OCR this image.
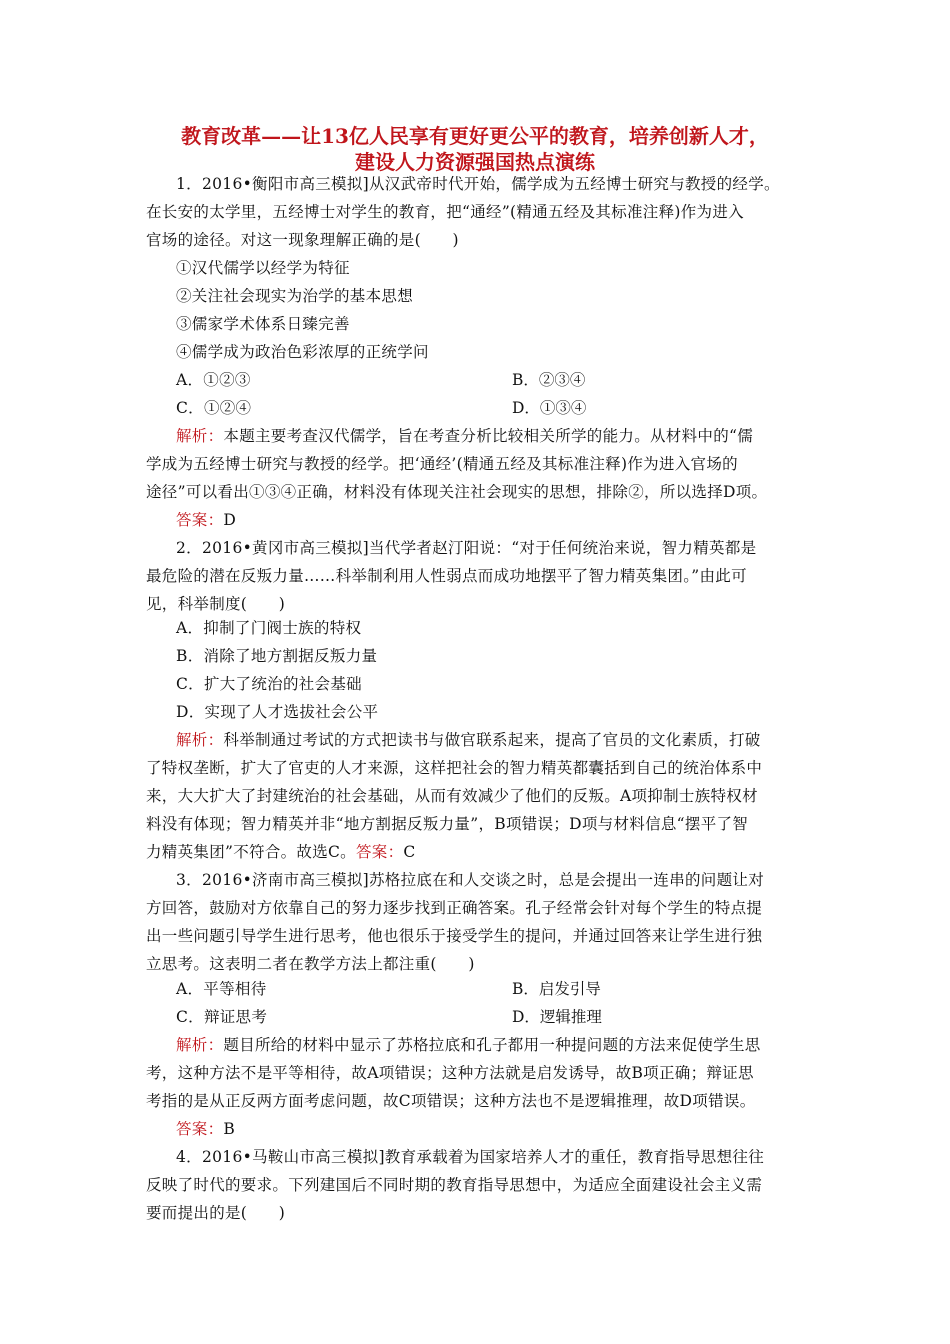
教育改革——让13亿人民享有更好更公平的教育，培养创新人才，
建设人力资源强国热点演练
1．2016•衡阳市高三模拟]从汉武帝时代开始，儒学成为五经博士研究与教授的经学。
在长安的太学里，五经博士对学生的教育，把“通经”(精通五经及其标准注释)作为进入
官场的途径。对这一现象理解正确的是(　　)
①汉代儒学以经学为特征
②关注社会现实为治学的基本思想
③儒家学术体系日臻完善
④儒学成为政治色彩浓厚的正统学问
A．①②③	B．②③④
C．①②④	D．①③④
解析：本题主要考查汉代儒学，旨在考查分析比较相关所学的能力。从材料中的“儒
学成为五经博士研究与教授的经学。把‘通经’(精通五经及其标准注释)作为进入官场的
途径”可以看出①③④正确，材料没有体现关注社会现实的思想，排除②，所以选择D项。
答案：D
2．2016•黄冈市高三模拟]当代学者赵汀阳说：“对于任何统治来说，智力精英都是
最危险的潜在反叛力量……科举制利用人性弱点而成功地摆平了智力精英集团。”由此可
见，科举制度(　　)
A．抑制了门阀士族的特权
B．消除了地方割据反叛力量
C．扩大了统治的社会基础
D．实现了人才选拔社会公平
解析：科举制通过考试的方式把读书与做官联系起来，提高了官员的文化素质，打破
了特权垄断，扩大了官吏的人才来源，这样把社会的智力精英都囊括到自己的统治体系中
来，大大扩大了封建统治的社会基础，从而有效减少了他们的反叛。A项抑制士族特权材
料没有体现；智力精英并非“地方割据反叛力量”，B项错误；D项与材料信息“摆平了智
力精英集团”不符合。故选C。答案：C
3．2016•济南市高三模拟]苏格拉底在和人交谈之时，总是会提出一连串的问题让对
方回答，鼓励对方依靠自己的努力逐步找到正确答案。孔子经常会针对每个学生的特点提
出一些问题引导学生进行思考，他也很乐于接受学生的提问，并通过回答来让学生进行独
立思考。这表明二者在教学方法上都注重(　　)
A．平等相待	B．启发引导
C．辩证思考	D．逻辑推理
解析：题目所给的材料中显示了苏格拉底和孔子都用一种提问题的方法来促使学生思
考，这种方法不是平等相待，故A项错误；这种方法就是启发诱导，故B项正确；辩证思
考指的是从正反两方面考虑问题，故C项错误；这种方法也不是逻辑推理，故D项错误。
答案：B
4．2016•马鞍山市高三模拟]教育承载着为国家培养人才的重任，教育指导思想往往
反映了时代的要求。下列建国后不同时期的教育指导思想中，为适应全面建设社会主义需
要而提出的是(　　)
